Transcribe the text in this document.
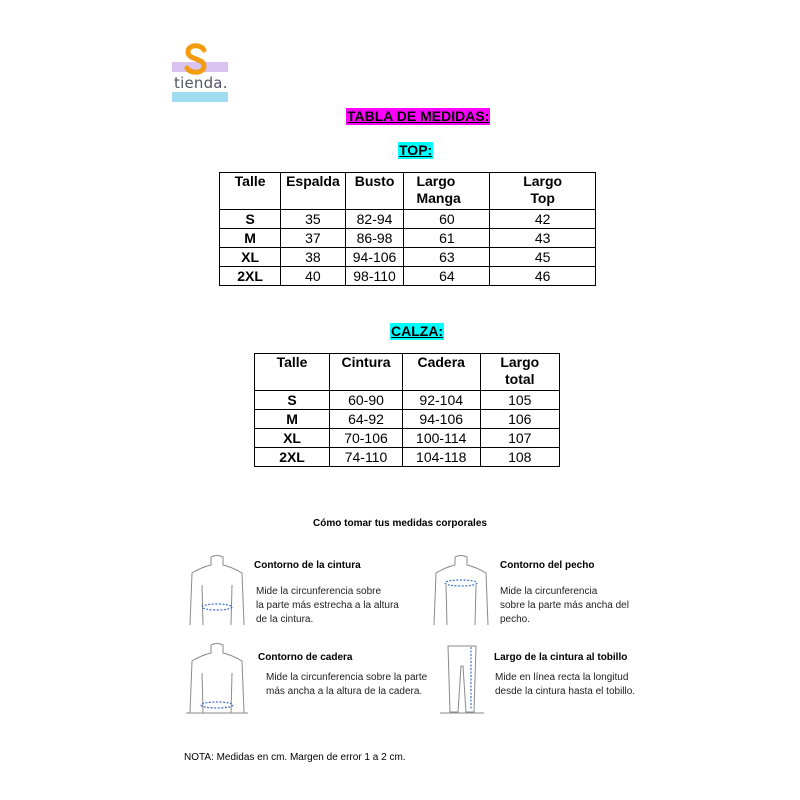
tienda.
TABLA DE MEDIDAS:
TOP:
Talle	Espalda	Busto	Largo Manga	Largo Top
S	35	82-94	60	42
M	37	86-98	61	43
XL	38	94-106	63	45
2XL	40	98-110	64	46
CALZA:
Talle	Cintura	Cadera	Largo total
S	60-90	92-104	105
M	64-92	94-106	106
XL	70-106	100-114	107
2XL	74-110	104-118	108
Cómo tomar tus medidas corporales
Contorno de la cintura
Mide la circunferencia sobre
la parte más estrecha a la altura
de la cintura.
Contorno del pecho
Mide la circunferencia
sobre la parte más ancha del
pecho.
Contorno de cadera
Mide la circunferencia sobre la parte
más ancha a la altura de la cadera.
Largo de la cintura al tobillo
Mide en línea recta la longitud
desde la cintura hasta el tobillo.
NOTA: Medidas en cm. Margen de error 1 a 2 cm.
